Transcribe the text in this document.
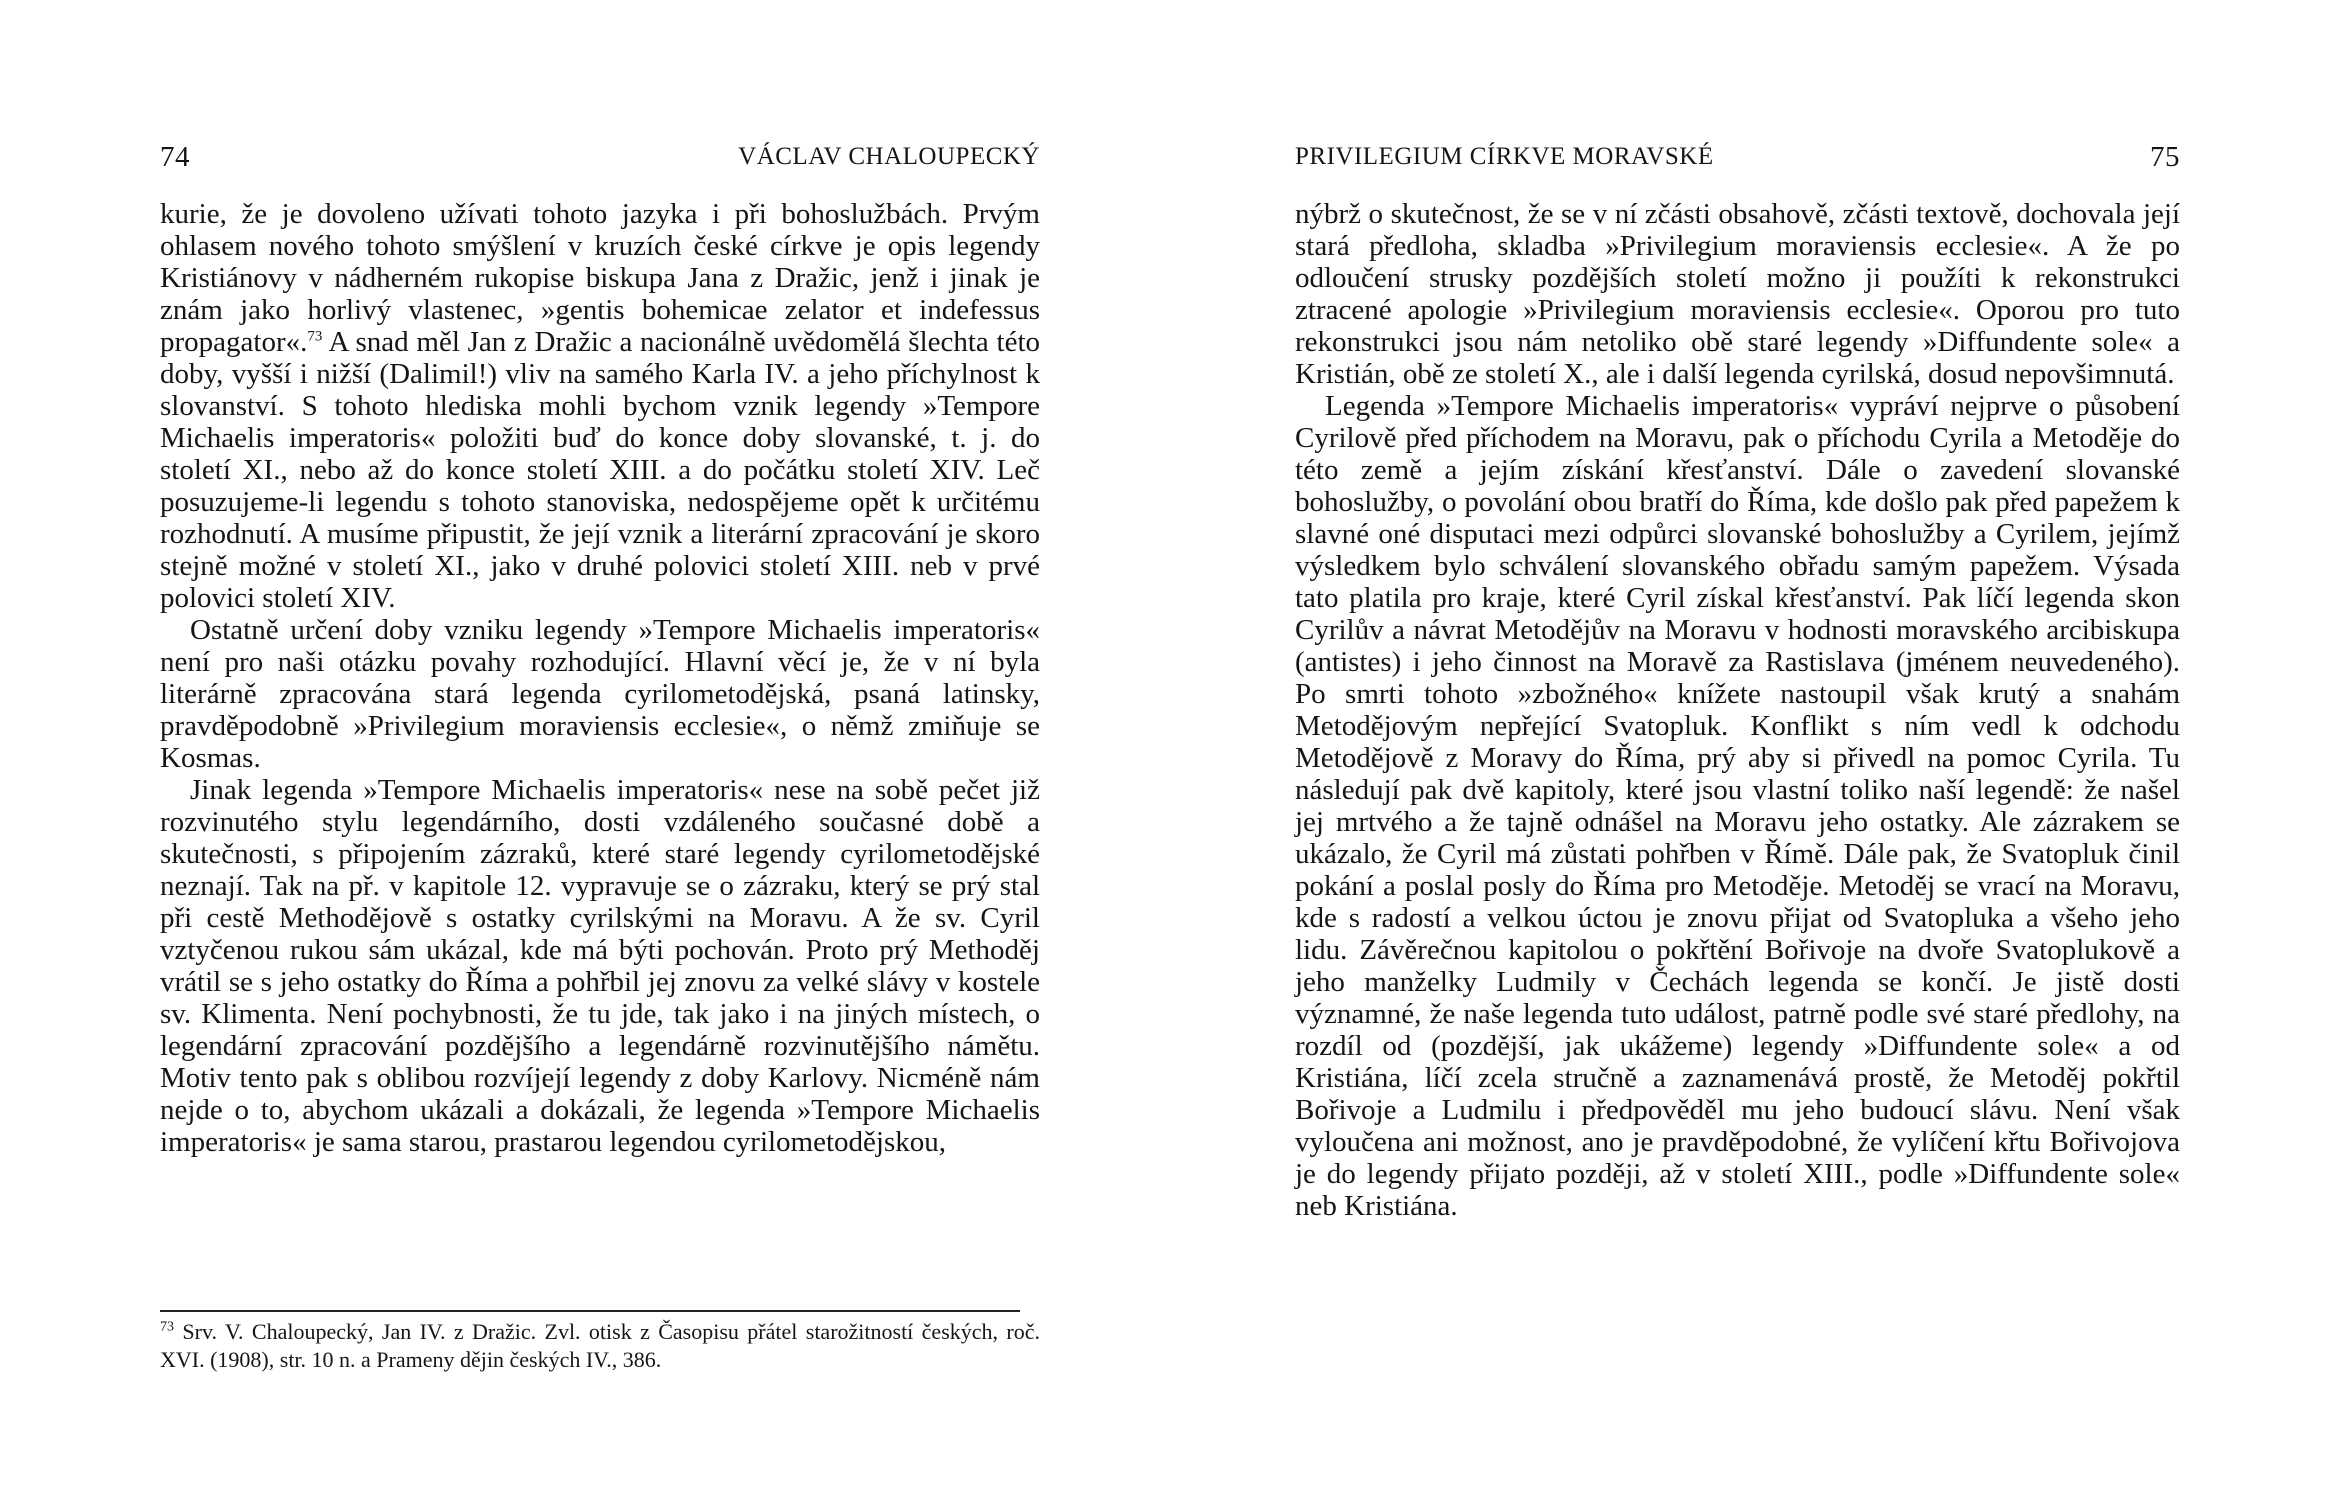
74	VÁCLAV CHALOUPECKÝ

kurie, že je dovoleno užívati tohoto jazyka i při bohoslužbách. Prvým ohlasem nového tohoto smýšlení v kruzích české církve je opis legendy Kristiánovy v nádherném rukopise biskupa Jana z Dražic, jenž i jinak je znám jako horlivý vlastenec, »gentis bohemicae zelator et indefessus propagator«.$^{73}$ A snad měl Jan z Dražic a nacionálně uvědomělá šlechta této doby, vyšší i nižší (Dalimil!) vliv na samého Karla IV. a jeho příchylnost k slovanství. S tohoto hlediska mohli bychom vznik legendy »Tempore Michaelis imperatoris« položiti buď do konce doby slovanské, t. j. do století XI., nebo až do konce století XIII. a do počátku století XIV. Leč posuzujeme-li legendu s tohoto stanoviska, nedospějeme opět k určitému rozhodnutí. A musíme připustit, že její vznik a literární zpracování je skoro stejně možné v století XI., jako v druhé polovici století XIII. neb v prvé polovici století XIV.

Ostatně určení doby vzniku legendy »Tempore Michaelis imperatoris« není pro naši otázku povahy rozhodující. Hlavní věcí je, že v ní byla literárně zpracována stará legenda cyrilometodějská, psaná latinsky, pravděpodobně »Privilegium moraviensis ecclesie«, o němž zmiňuje se Kosmas.

Jinak legenda »Tempore Michaelis imperatoris« nese na sobě pečet již rozvinutého stylu legendárního, dosti vzdáleného současné době a skutečnosti, s připojením zázraků, které staré legendy cyrilometodějské neznají. Tak na př. v kapitole 12. vypravuje se o zázraku, který se prý stal při cestě Methodějově s ostatky cyrilskými na Moravu. A že sv. Cyril vztyčenou rukou sám ukázal, kde má býti pochován. Proto prý Methoděj vrátil se s jeho ostatky do Říma a pohřbil jej znovu za velké slávy v kostele sv. Klimenta. Není pochybnosti, že tu jde, tak jako i na jiných místech, o legendární zpracování pozdějšího a legendárně rozvinutějšího námětu. Motiv tento pak s oblibou rozvíjejí legendy z doby Karlovy. Nicméně nám nejde o to, abychom ukázali a dokázali, že legenda »Tempore Michaelis imperatoris« je sama starou, prastarou legendou cyrilometodějskou,

$^{73}$ Srv. V. Chaloupecký, Jan IV. z Dražic. Zvl. otisk z Časopisu přátel starožitností českých, roč. XVI. (1908), str. 10 n. a Prameny dějin českých IV., 386.
PRIVILEGIUM CÍRKVE MORAVSKÉ	75

nýbrž o skutečnost, že se v ní zčásti obsahově, zčásti textově, dochovala její stará předloha, skladba »Privilegium moraviensis ecclesie«. A že po odloučení strusky pozdějších století možno ji použíti k rekonstrukci ztracené apologie »Privilegium moraviensis ecclesie«. Oporou pro tuto rekonstrukci jsou nám netoliko obě staré legendy »Diffundente sole« a Kristián, obě ze století X., ale i další legenda cyrilská, dosud nepovšimnutá.

Legenda »Tempore Michaelis imperatoris« vypráví nejprve o působení Cyrilově před příchodem na Moravu, pak o příchodu Cyrila a Metoděje do této země a jejím získání křesťanství. Dále o zavedení slovanské bohoslužby, o povolání obou bratří do Říma, kde došlo pak před papežem k slavné oné disputaci mezi odpůrci slovanské bohoslužby a Cyrilem, jejímž výsledkem bylo schválení slovanského obřadu samým papežem. Výsada tato platila pro kraje, které Cyril získal křesťanství. Pak líčí legenda skon Cyrilův a návrat Metodějův na Moravu v hodnosti moravského arcibiskupa (antistes) i jeho činnost na Moravě za Rastislava (jménem neuvedeného). Po smrti tohoto »zbožného« knížete nastoupil však krutý a snahám Metodějovým nepřející Svatopluk. Konflikt s ním vedl k odchodu Metodějově z Moravy do Říma, prý aby si přivedl na pomoc Cyrila. Tu následují pak dvě kapitoly, které jsou vlastní toliko naší legendě: že našel jej mrtvého a že tajně odnášel na Moravu jeho ostatky. Ale zázrakem se ukázalo, že Cyril má zůstati pohřben v Římě. Dále pak, že Svatopluk činil pokání a poslal posly do Říma pro Metoděje. Metoděj se vrací na Moravu, kde s radostí a velkou úctou je znovu přijat od Svatopluka a všeho jeho lidu. Závěrečnou kapitolou o pokřtění Bořivoje na dvoře Svatoplukově a jeho manželky Ludmily v Čechách legenda se končí. Je jistě dosti významné, že naše legenda tuto událost, patrně podle své staré předlohy, na rozdíl od (pozdější, jak ukážeme) legendy »Diffundente sole« a od Kristiána, líčí zcela stručně a zaznamenává prostě, že Metoděj pokřtil Bořivoje a Ludmilu i předpověděl mu jeho budoucí slávu. Není však vyloučena ani možnost, ano je pravděpodobné, že vylíčení křtu Bořivojova je do legendy přijato později, až v století XIII., podle »Diffundente sole« neb Kristiána.
